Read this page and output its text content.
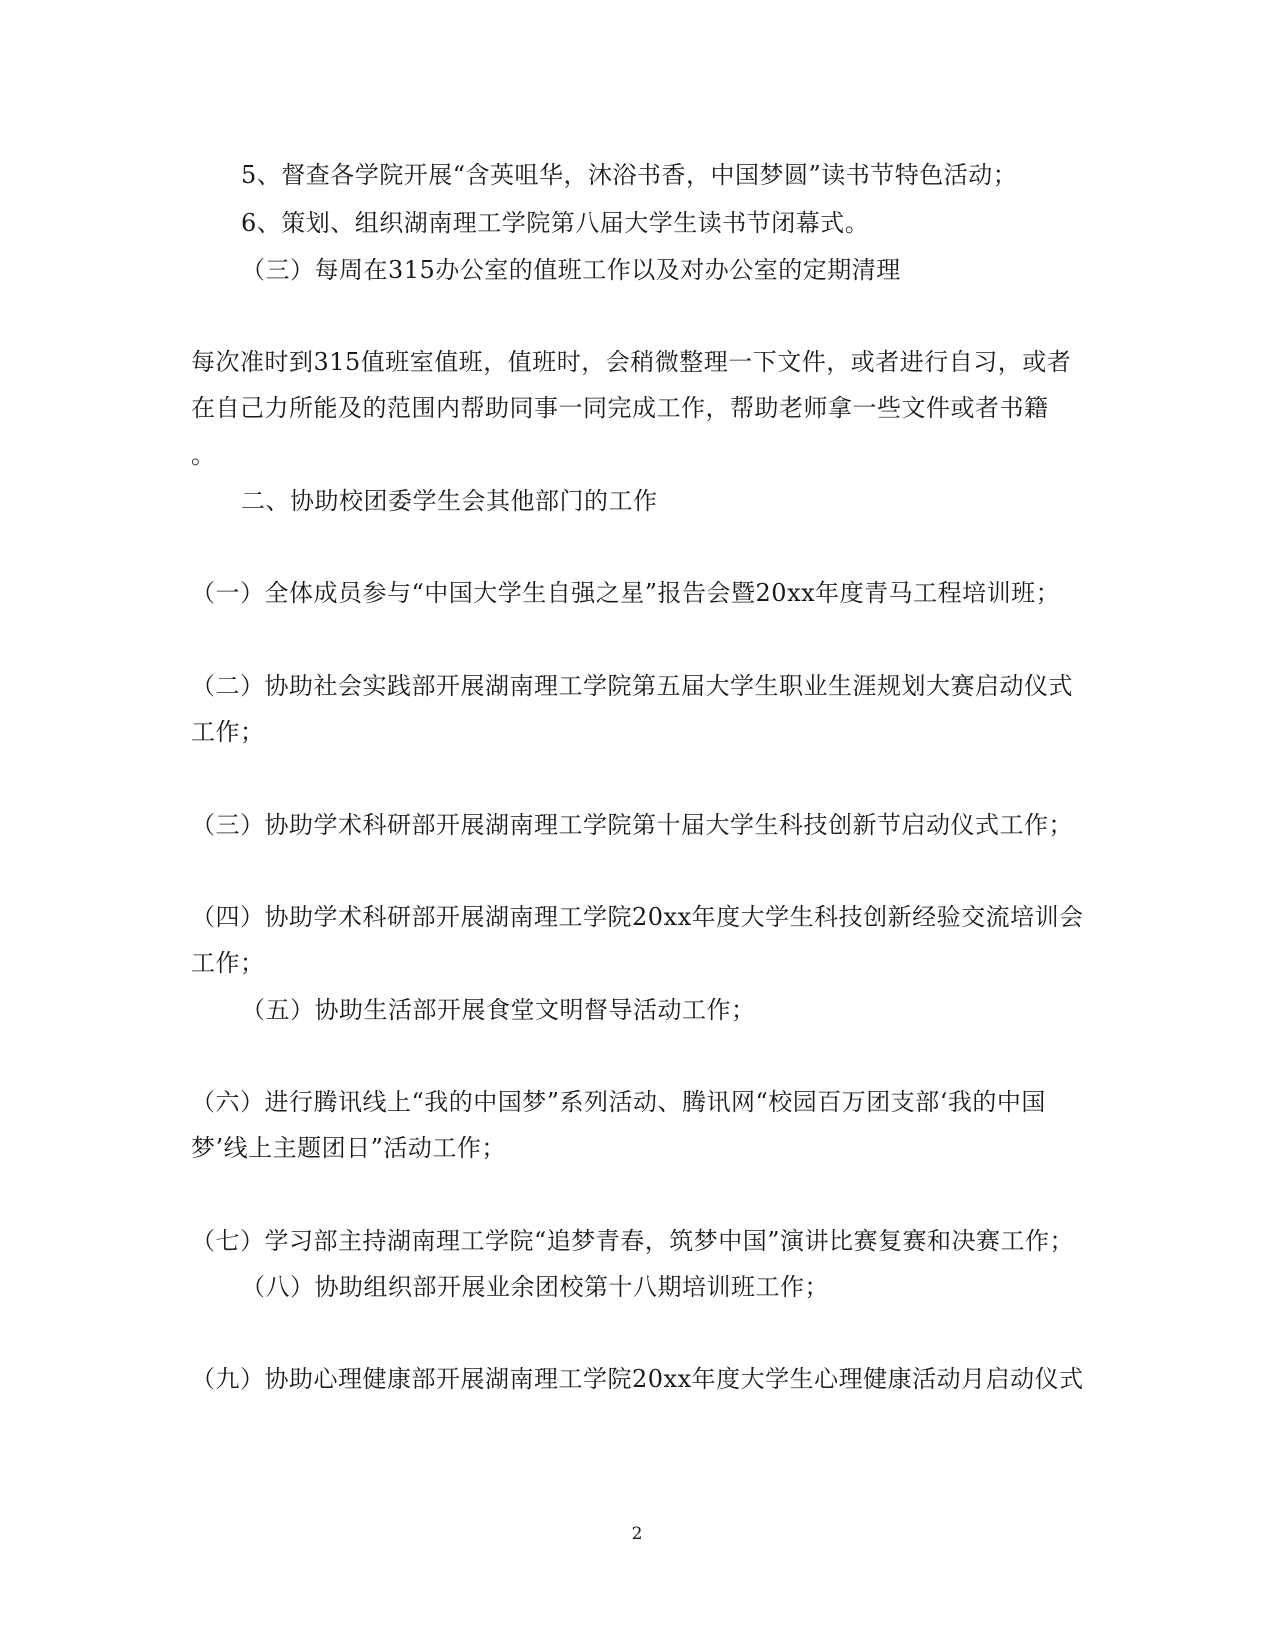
5、督查各学院开展“含英咀华，沐浴书香，中国梦圆”读书节特色活动；
6、策划、组织湖南理工学院第八届大学生读书节闭幕式。
（三）每周在315办公室的值班工作以及对办公室的定期清理
每次准时到315值班室值班，值班时，会稍微整理一下文件，或者进行自习，或者
在自己力所能及的范围内帮助同事一同完成工作，帮助老师拿一些文件或者书籍
。
二、协助校团委学生会其他部门的工作
（一）全体成员参与“中国大学生自强之星”报告会暨20xx年度青马工程培训班；
（二）协助社会实践部开展湖南理工学院第五届大学生职业生涯规划大赛启动仪式
工作；
（三）协助学术科研部开展湖南理工学院第十届大学生科技创新节启动仪式工作；
（四）协助学术科研部开展湖南理工学院20xx年度大学生科技创新经验交流培训会
工作；
（五）协助生活部开展食堂文明督导活动工作；
（六）进行腾讯线上“我的中国梦”系列活动、腾讯网“校园百万团支部‘我的中国
梦’线上主题团日”活动工作；
（七）学习部主持湖南理工学院“追梦青春，筑梦中国”演讲比赛复赛和决赛工作；
（八）协助组织部开展业余团校第十八期培训班工作；
（九）协助心理健康部开展湖南理工学院20xx年度大学生心理健康活动月启动仪式
2
